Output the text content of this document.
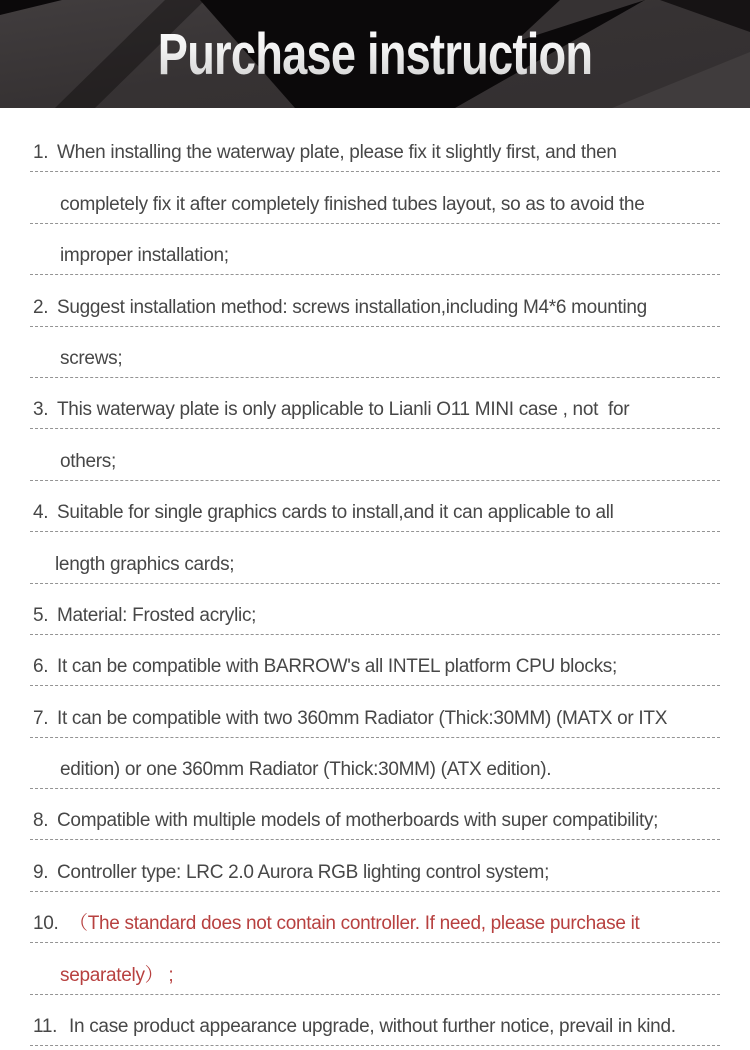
Purchase instruction
1. When installing the waterway plate, please fix it slightly first, and then
completely fix it after completely finished tubes layout, so as to avoid the
improper installation;
2. Suggest installation method: screws installation,including M4*6 mounting
screws;
3. This waterway plate is only applicable to Lianli O11 MINI case , not  for
others;
4. Suitable for single graphics cards to install,and it can applicable to all
length graphics cards;
5. Material: Frosted acrylic;
6. It can be compatible with BARROW's all INTEL platform CPU blocks;
7. It can be compatible with two 360mm Radiator (Thick:30MM) (MATX or ITX
edition) or one 360mm Radiator (Thick:30MM) (ATX edition).
8. Compatible with multiple models of motherboards with super compatibility;
9. Controller type: LRC 2.0 Aurora RGB lighting control system;
10. （The standard does not contain controller. If need, please purchase it
separately） ;
11. In case product appearance upgrade, without further notice, prevail in kind.
